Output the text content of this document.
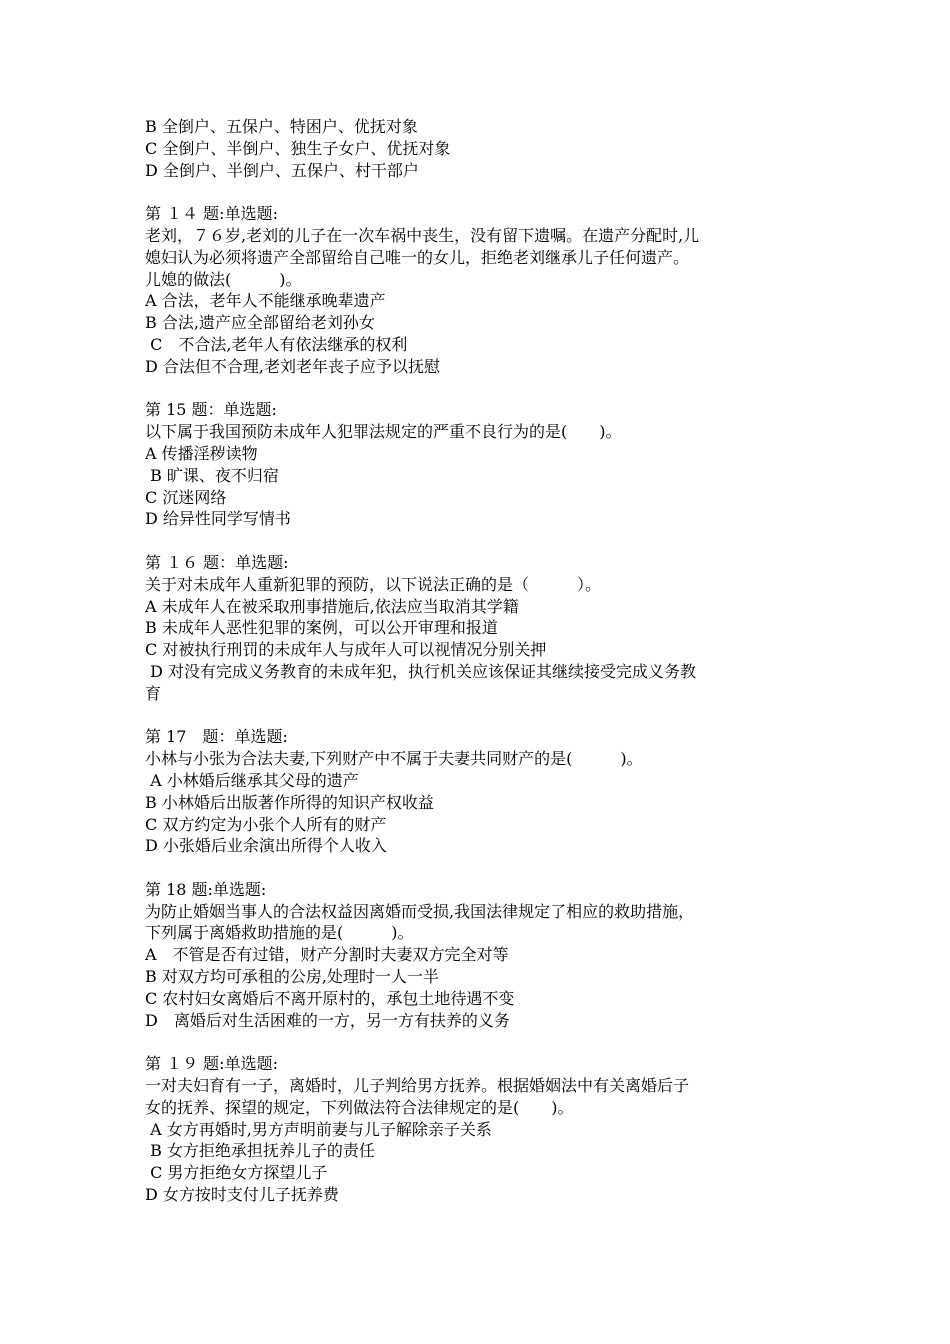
B 全倒户、五保户、特困户、优抚对象
C 全倒户、半倒户、独生子女户、优抚对象
D 全倒户、半倒户、五保户、村干部户
第 １４ 题:单选题:
老刘，７６岁,老刘的儿子在一次车祸中丧生，没有留下遗嘱。在遗产分配时,儿
媳妇认为必须将遗产全部留给自己唯一的女儿，拒绝老刘继承儿子任何遗产。
儿媳的做法(　　　)。
A 合法，老年人不能继承晚辈遗产
B 合法,遗产应全部留给老刘孙女
C　不合法,老年人有依法继承的权利
D 合法但不合理,老刘老年丧子应予以抚慰
第 15 题：单选题:
以下属于我国预防未成年人犯罪法规定的严重不良行为的是(　　)。
A 传播淫秽读物
B 旷课、夜不归宿
C 沉迷网络
D 给异性同学写情书
第 １６ 题：单选题:
关于对未成年人重新犯罪的预防，以下说法正确的是（　　　）。
A 未成年人在被采取刑事措施后,依法应当取消其学籍
B 未成年人恶性犯罪的案例，可以公开审理和报道
C 对被执行刑罚的未成年人与成年人可以视情况分别关押
D 对没有完成义务教育的未成年犯，执行机关应该保证其继续接受完成义务教
育
第 17　题：单选题:
小林与小张为合法夫妻,下列财产中不属于夫妻共同财产的是(　　　)。
A 小林婚后继承其父母的遗产
B 小林婚后出版著作所得的知识产权收益
C 双方约定为小张个人所有的财产
D 小张婚后业余演出所得个人收入
第 18 题:单选题:
为防止婚姻当事人的合法权益因离婚而受损,我国法律规定了相应的救助措施，
下列属于离婚救助措施的是(　　　)。
A　不管是否有过错，财产分割时夫妻双方完全对等
B 对双方均可承租的公房,处理时一人一半
C 农村妇女离婚后不离开原村的，承包土地待遇不变
D　离婚后对生活困难的一方，另一方有扶养的义务
第 １９ 题:单选题:
一对夫妇育有一子，离婚时，儿子判给男方抚养。根据婚姻法中有关离婚后子
女的抚养、探望的规定，下列做法符合法律规定的是(　　)。
A 女方再婚时,男方声明前妻与儿子解除亲子关系
B 女方拒绝承担抚养儿子的责任
C 男方拒绝女方探望儿子
D 女方按时支付儿子抚养费
